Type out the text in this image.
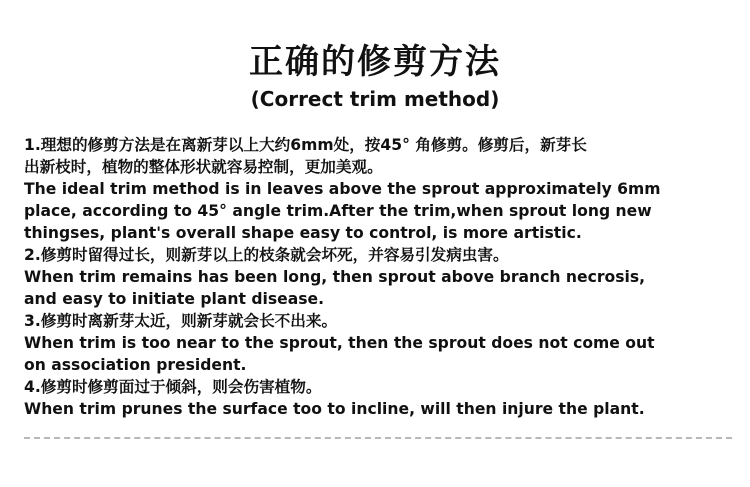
正确的修剪方法
(Correct trim method)
1.理想的修剪方法是在离新芽以上大约6mm处，按45° 角修剪。修剪后，新芽长
出新枝时，植物的整体形状就容易控制，更加美观。
The ideal trim method is in leaves above the sprout approximately 6mm
place, according to 45° angle trim.After the trim,when sprout long new
thingses, plant's overall shape easy to control, is more artistic.
2.修剪时留得过长，则新芽以上的枝条就会坏死，并容易引发病虫害。
When trim remains has been long, then sprout above branch necrosis,
and easy to initiate plant disease.
3.修剪时离新芽太近，则新芽就会长不出来。
When trim is too near to the sprout, then the sprout does not come out
on association president.
4.修剪时修剪面过于倾斜，则会伤害植物。
When trim prunes the surface too to incline, will then injure the plant.
